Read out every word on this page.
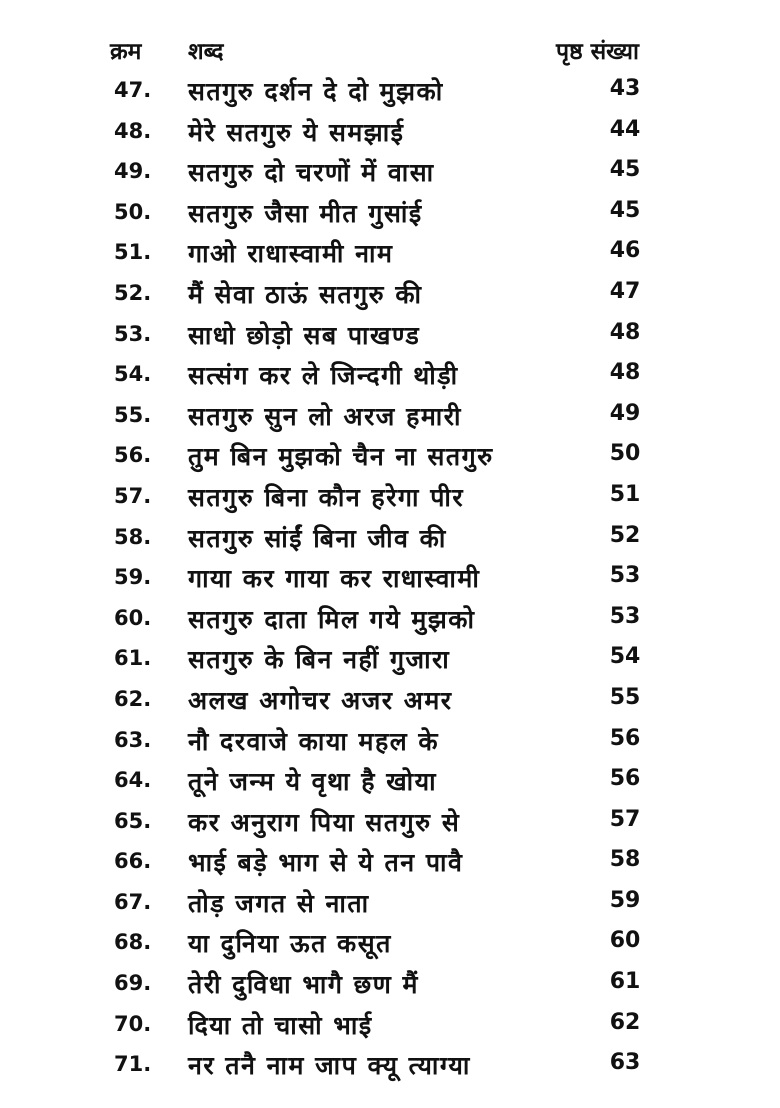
क्रम शब्द	पृष्ठ संख्या
47. सतगुरु दर्शन दे दो मुझको	43
48. मेरे सतगुरु ये समझाई	44
49. सतगुरु दो चरणों में वासा	45
50. सतगुरु जैसा मीत गुसांई	45
51. गाओ राधास्वामी नाम	46
52. मैं सेवा ठाऊं सतगुरु की	47
53. साधो छोड़ो सब पाखण्ड	48
54. सत्संग कर ले जिन्दगी थोड़ी	48
55. सतगुरु सुन लो अरज हमारी	49
56. तुम बिन मुझको चैन ना सतगुरु	50
57. सतगुरु बिना कौन हरेगा पीर	51
58. सतगुरु सांईं बिना जीव की	52
59. गाया कर गाया कर राधास्वामी	53
60. सतगुरु दाता मिल गये मुझको	53
61. सतगुरु के बिन नहीं गुजारा	54
62. अलख अगोचर अजर अमर	55
63. नौ दरवाजे काया महल के	56
64. तूने जन्म ये वृथा है खोया	56
65. कर अनुराग पिया सतगुरु से	57
66. भाई बड़े भाग से ये तन पावै	58
67. तोड़ जगत से नाता	59
68. या दुनिया ऊत कसूत	60
69. तेरी दुविधा भागै छण मैं	61
70. दिया तो चासो भाई	62
71. नर तनै नाम जाप क्यू त्याग्या	63
